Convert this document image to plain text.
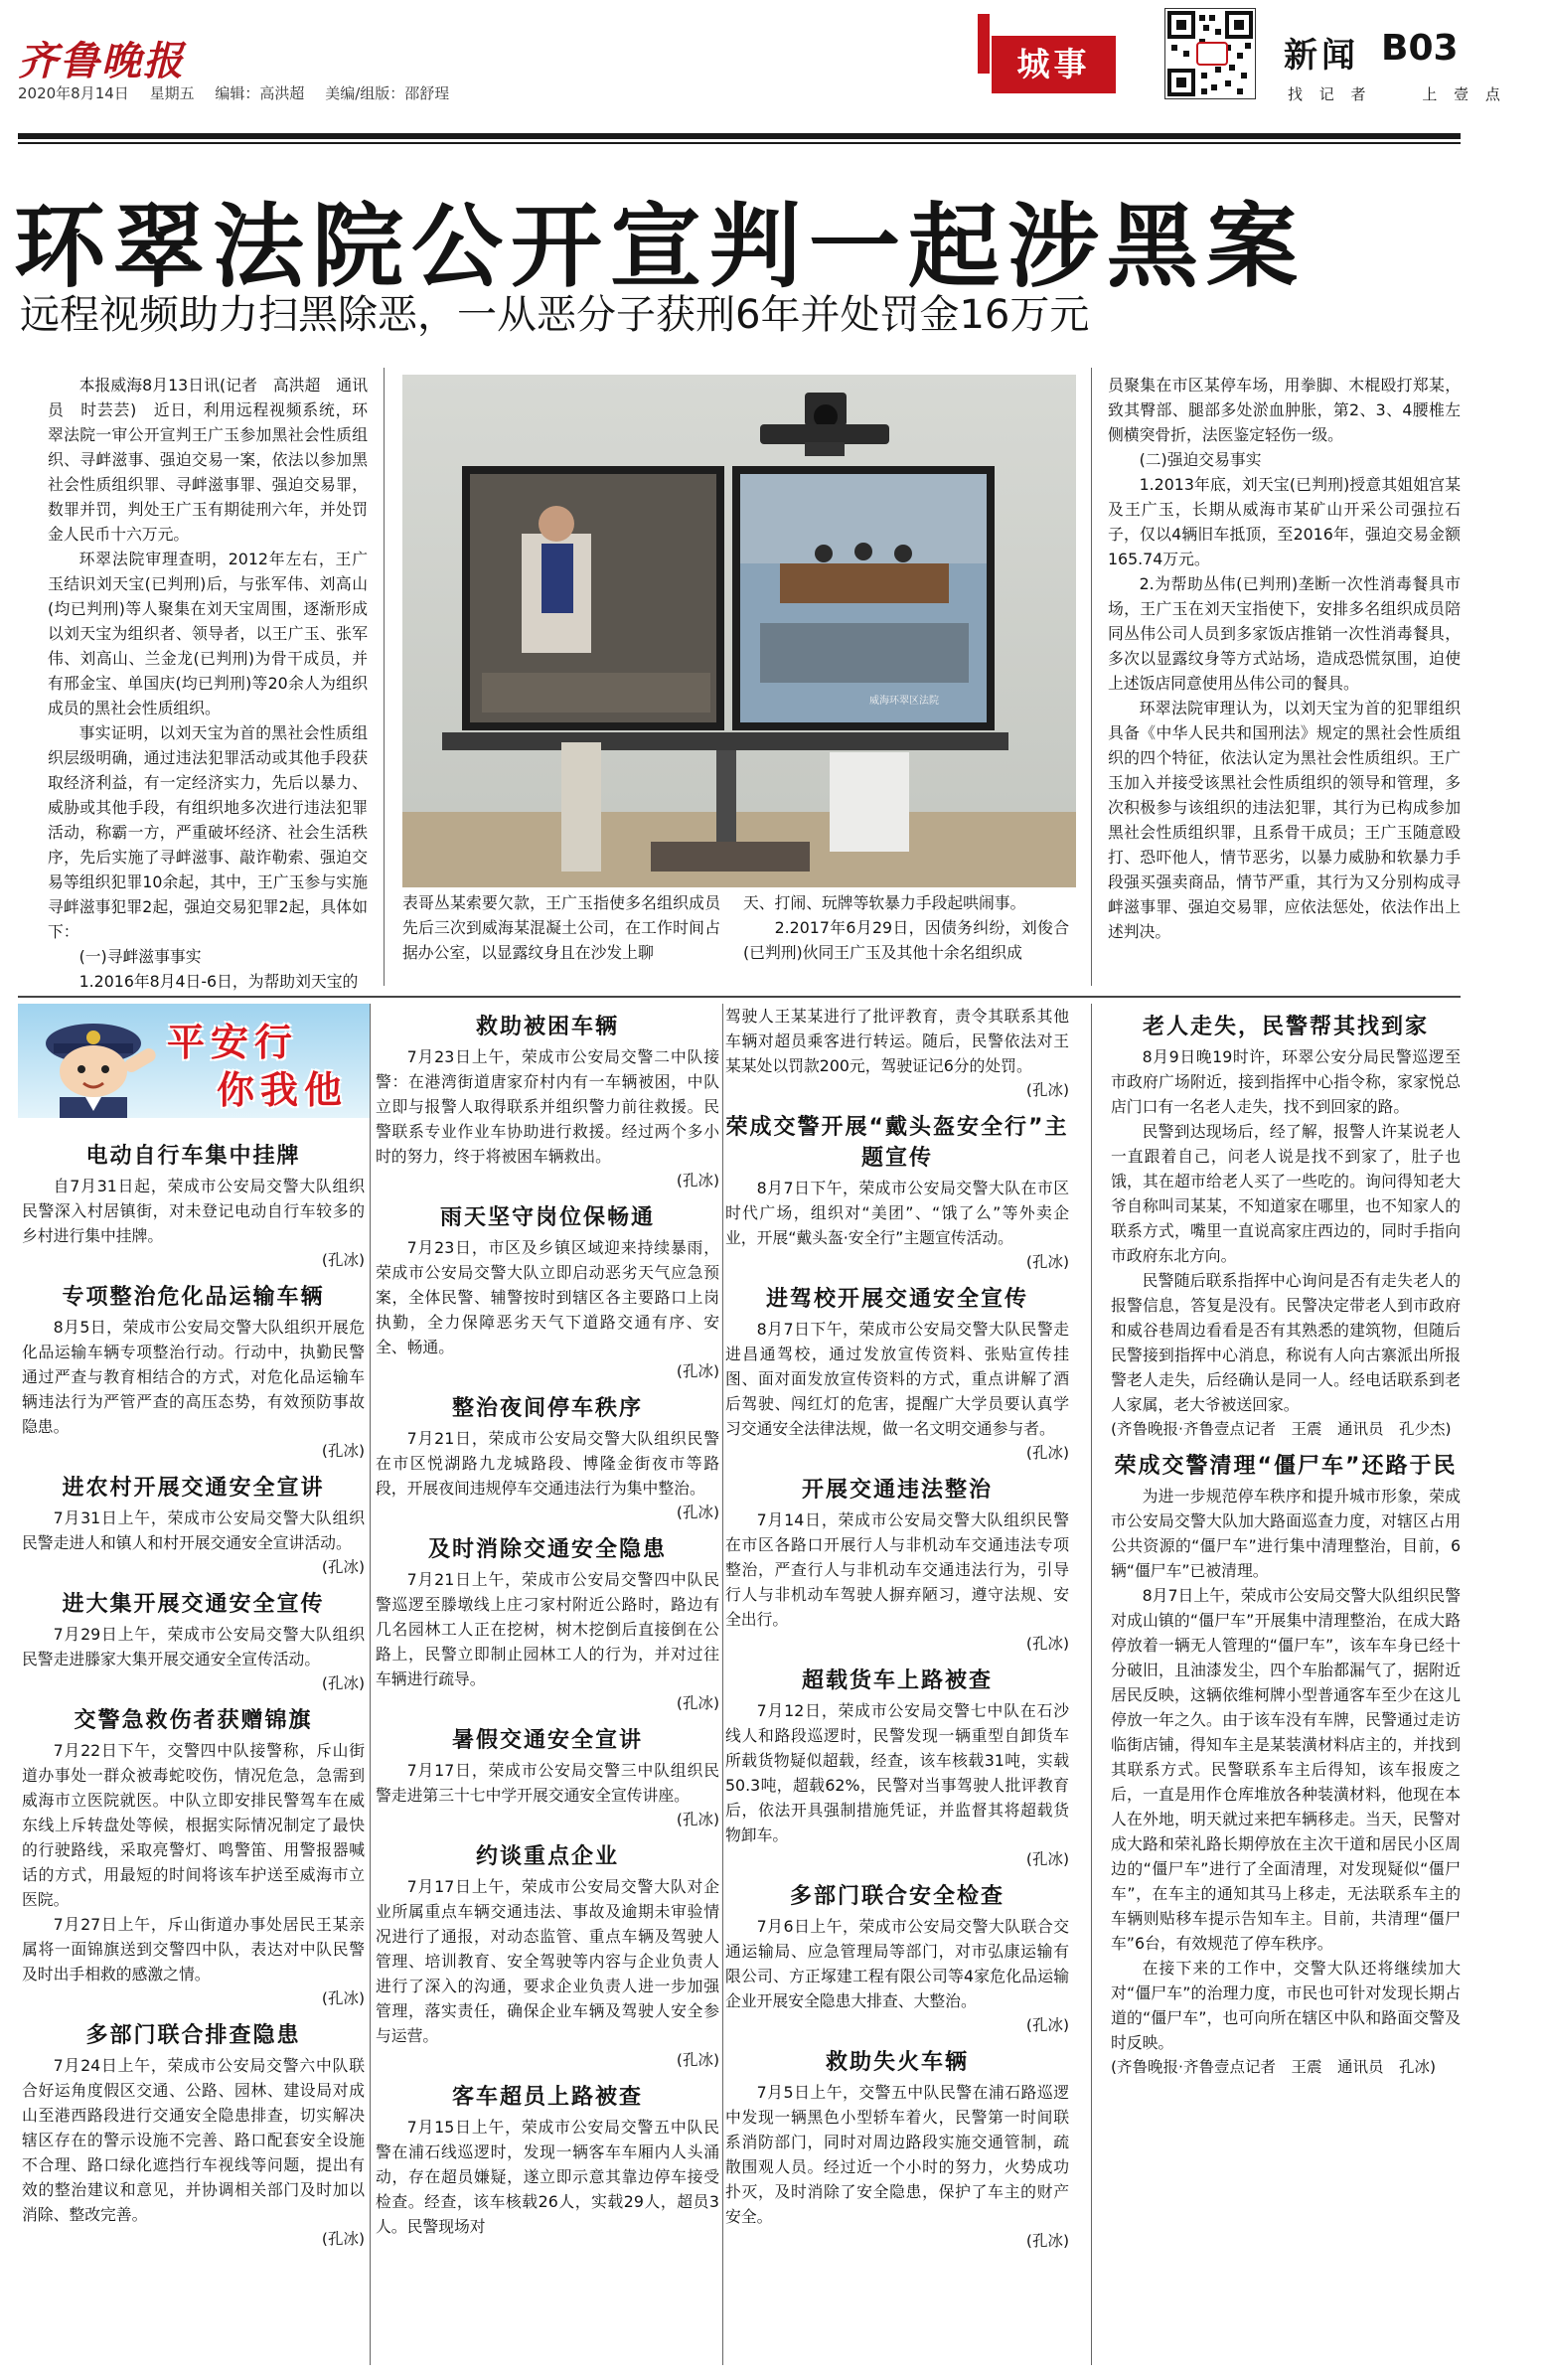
齐鲁晚报
2020年8月14日 星期五 编辑：高洪超 美编/组版：邵舒珵
城事	新闻 B03
找 记 者	上 壹 点
环翠法院公开宣判一起涉黑案
远程视频助力扫黑除恶，一从恶分子获刑6年并处罚金16万元

本报威海8月13日讯(记者　高洪超　通讯员　时芸芸)　近日，利用远程视频系统，环翠法院一审公开宣判王广玉参加黑社会性质组织、寻衅滋事、强迫交易一案，依法以参加黑社会性质组织罪、寻衅滋事罪、强迫交易罪，数罪并罚，判处王广玉有期徒刑六年，并处罚金人民币十六万元。

环翠法院审理查明，2012年左右，王广玉结识刘天宝(已判刑)后，与张军伟、刘高山(均已判刑)等人聚集在刘天宝周围，逐渐形成以刘天宝为组织者、领导者，以王广玉、张军伟、刘高山、兰金龙(已判刑)为骨干成员，并有邢金宝、单国庆(均已判刑)等20余人为组织成员的黑社会性质组织。

事实证明，以刘天宝为首的黑社会性质组织层级明确，通过违法犯罪活动或其他手段获取经济利益，有一定经济实力，先后以暴力、威胁或其他手段，有组织地多次进行违法犯罪活动，称霸一方，严重破坏经济、社会生活秩序，先后实施了寻衅滋事、敲诈勒索、强迫交易等组织犯罪10余起，其中，王广玉参与实施寻衅滋事犯罪2起，强迫交易犯罪2起，具体如下：

(一)寻衅滋事事实

1.2016年8月4日-6日，为帮助刘天宝的

威海环翠区法院

表哥丛某索要欠款，王广玉指使多名组织成员先后三次到威海某混凝土公司，在工作时间占据办公室，以显露纹身且在沙发上聊

天、打闹、玩牌等软暴力手段起哄闹事。

2.2017年6月29日，因债务纠纷，刘俊合(已判刑)伙同王广玉及其他十余名组织成

员聚集在市区某停车场，用拳脚、木棍殴打郑某，致其臀部、腿部多处淤血肿胀，第2、3、4腰椎左侧横突骨折，法医鉴定轻伤一级。

(二)强迫交易事实

1.2013年底，刘天宝(已判刑)授意其姐姐宫某及王广玉，长期从威海市某矿山开采公司强拉石子，仅以4辆旧车抵顶，至2016年，强迫交易金额165.74万元。

2.为帮助丛伟(已判刑)垄断一次性消毒餐具市场，王广玉在刘天宝指使下，安排多名组织成员陪同丛伟公司人员到多家饭店推销一次性消毒餐具，多次以显露纹身等方式站场，造成恐慌氛围，迫使上述饭店同意使用丛伟公司的餐具。

环翠法院审理认为，以刘天宝为首的犯罪组织具备《中华人民共和国刑法》规定的黑社会性质组织的四个特征，依法认定为黑社会性质组织。王广玉加入并接受该黑社会性质组织的领导和管理，多次积极参与该组织的违法犯罪，其行为已构成参加黑社会性质组织罪，且系骨干成员；王广玉随意殴打、恐吓他人，情节恶劣，以暴力威胁和软暴力手段强买强卖商品，情节严重，其行为又分别构成寻衅滋事罪、强迫交易罪，应依法惩处，依法作出上述判决。

平安行
你我他
电动自行车集中挂牌

自7月31日起，荣成市公安局交警大队组织民警深入村居镇街，对未登记电动自行车较多的乡村进行集中挂牌。

(孔冰)
专项整治危化品运输车辆

8月5日，荣成市公安局交警大队组织开展危化品运输车辆专项整治行动。行动中，执勤民警通过严查与教育相结合的方式，对危化品运输车辆违法行为严管严查的高压态势，有效预防事故隐患。

(孔冰)
进农村开展交通安全宣讲

7月31日上午，荣成市公安局交警大队组织民警走进人和镇人和村开展交通安全宣讲活动。

(孔冰)
进大集开展交通安全宣传

7月29日上午，荣成市公安局交警大队组织民警走进滕家大集开展交通安全宣传活动。

(孔冰)
交警急救伤者获赠锦旗

7月22日下午，交警四中队接警称，斥山街道办事处一群众被毒蛇咬伤，情况危急，急需到威海市立医院就医。中队立即安排民警驾车在威东线上斥转盘处等候，根据实际情况制定了最快的行驶路线，采取亮警灯、鸣警笛、用警报器喊话的方式，用最短的时间将该车护送至威海市立医院。

7月27日上午，斥山街道办事处居民王某亲属将一面锦旗送到交警四中队，表达对中队民警及时出手相救的感激之情。

(孔冰)
多部门联合排查隐患

7月24日上午，荣成市公安局交警六中队联合好运角度假区交通、公路、园林、建设局对成山至港西路段进行交通安全隐患排查，切实解决辖区存在的警示设施不完善、路口配套安全设施不合理、路口绿化遮挡行车视线等问题，提出有效的整治建议和意见，并协调相关部门及时加以消除、整改完善。

(孔冰)
救助被困车辆

7月23日上午，荣成市公安局交警二中队接警：在港湾街道唐家夼村内有一车辆被困，中队立即与报警人取得联系并组织警力前往救援。民警联系专业作业车协助进行救援。经过两个多小时的努力，终于将被困车辆救出。

(孔冰)
雨天坚守岗位保畅通

7月23日，市区及乡镇区域迎来持续暴雨，荣成市公安局交警大队立即启动恶劣天气应急预案，全体民警、辅警按时到辖区各主要路口上岗执勤，全力保障恶劣天气下道路交通有序、安全、畅通。

(孔冰)
整治夜间停车秩序

7月21日，荣成市公安局交警大队组织民警在市区悦湖路九龙城路段、博隆金街夜市等路段，开展夜间违规停车交通违法行为集中整治。

(孔冰)
及时消除交通安全隐患

7月21日上午，荣成市公安局交警四中队民警巡逻至滕墩线上庄刁家村附近公路时，路边有几名园林工人正在挖树，树木挖倒后直接倒在公路上，民警立即制止园林工人的行为，并对过往车辆进行疏导。

(孔冰)
暑假交通安全宣讲

7月17日，荣成市公安局交警三中队组织民警走进第三十七中学开展交通安全宣传讲座。

(孔冰)
约谈重点企业

7月17日上午，荣成市公安局交警大队对企业所属重点车辆交通违法、事故及逾期未审验情况进行了通报，对动态监管、重点车辆及驾驶人管理、培训教育、安全驾驶等内容与企业负责人进行了深入的沟通，要求企业负责人进一步加强管理，落实责任，确保企业车辆及驾驶人安全参与运营。

(孔冰)
客车超员上路被查

7月15日上午，荣成市公安局交警五中队民警在浦石线巡逻时，发现一辆客车车厢内人头涌动，存在超员嫌疑，遂立即示意其靠边停车接受检查。经查，该车核载26人，实载29人，超员3人。民警现场对

驾驶人王某某进行了批评教育，责令其联系其他车辆对超员乘客进行转运。随后，民警依法对王某某处以罚款200元，驾驶证记6分的处罚。

(孔冰)
荣成交警开展“戴头盔安全行”主题宣传

8月7日下午，荣成市公安局交警大队在市区时代广场，组织对“美团”、“饿了么”等外卖企业，开展“戴头盔·安全行”主题宣传活动。

(孔冰)
进驾校开展交通安全宣传

8月7日下午，荣成市公安局交警大队民警走进昌通驾校，通过发放宣传资料、张贴宣传挂图、面对面发放宣传资料的方式，重点讲解了酒后驾驶、闯红灯的危害，提醒广大学员要认真学习交通安全法律法规，做一名文明交通参与者。

(孔冰)
开展交通违法整治

7月14日，荣成市公安局交警大队组织民警在市区各路口开展行人与非机动车交通违法专项整治，严查行人与非机动车交通违法行为，引导行人与非机动车驾驶人摒弃陋习，遵守法规、安全出行。

(孔冰)
超载货车上路被查

7月12日，荣成市公安局交警七中队在石沙线人和路段巡逻时，民警发现一辆重型自卸货车所载货物疑似超载，经查，该车核载31吨，实载50.3吨，超载62%，民警对当事驾驶人批评教育后，依法开具强制措施凭证，并监督其将超载货物卸车。

(孔冰)
多部门联合安全检查

7月6日上午，荣成市公安局交警大队联合交通运输局、应急管理局等部门，对市弘康运输有限公司、方正塚建工程有限公司等4家危化品运输企业开展安全隐患大排查、大整治。

(孔冰)
救助失火车辆

7月5日上午，交警五中队民警在浦石路巡逻中发现一辆黑色小型轿车着火，民警第一时间联系消防部门，同时对周边路段实施交通管制，疏散围观人员。经过近一个小时的努力，火势成功扑灭，及时消除了安全隐患，保护了车主的财产安全。

(孔冰)
老人走失，民警帮其找到家

8月9日晚19时许，环翠公安分局民警巡逻至市政府广场附近，接到指挥中心指令称，家家悦总店门口有一名老人走失，找不到回家的路。

民警到达现场后，经了解，报警人许某说老人一直跟着自己，问老人说是找不到家了，肚子也饿，其在超市给老人买了一些吃的。询问得知老大爷自称叫司某某，不知道家在哪里，也不知家人的联系方式，嘴里一直说高家庄西边的，同时手指向市政府东北方向。

民警随后联系指挥中心询问是否有走失老人的报警信息，答复是没有。民警决定带老人到市政府和威谷巷周边看看是否有其熟悉的建筑物，但随后民警接到指挥中心消息，称说有人向古寨派出所报警老人走失，后经确认是同一人。经电话联系到老人家属，老大爷被送回家。

(齐鲁晚报·齐鲁壹点记者　王震　通讯员　孔少杰)
荣成交警清理“僵尸车”还路于民

为进一步规范停车秩序和提升城市形象，荣成市公安局交警大队加大路面巡查力度，对辖区占用公共资源的“僵尸车”进行集中清理整治，目前，6辆“僵尸车”已被清理。

8月7日上午，荣成市公安局交警大队组织民警对成山镇的“僵尸车”开展集中清理整治，在成大路停放着一辆无人管理的“僵尸车”，该车车身已经十分破旧，且油漆发尘，四个车胎都漏气了，据附近居民反映，这辆依维柯牌小型普通客车至少在这儿停放一年之久。由于该车没有车牌，民警通过走访临街店铺，得知车主是某装潢材料店主的，并找到其联系方式。民警联系车主后得知，该车报废之后，一直是用作仓库堆放各种装潢材料，他现在本人在外地，明天就过来把车辆移走。当天，民警对成大路和荣礼路长期停放在主次干道和居民小区周边的“僵尸车”进行了全面清理，对发现疑似“僵尸车”，在车主的通知其马上移走，无法联系车主的车辆则贴移车提示告知车主。目前，共清理“僵尸车”6台，有效规范了停车秩序。

在接下来的工作中，交警大队还将继续加大对“僵尸车”的治理力度，市民也可针对发现长期占道的“僵尸车”，也可向所在辖区中队和路面交警及时反映。

(齐鲁晚报·齐鲁壹点记者　王震　通讯员　孔冰)
